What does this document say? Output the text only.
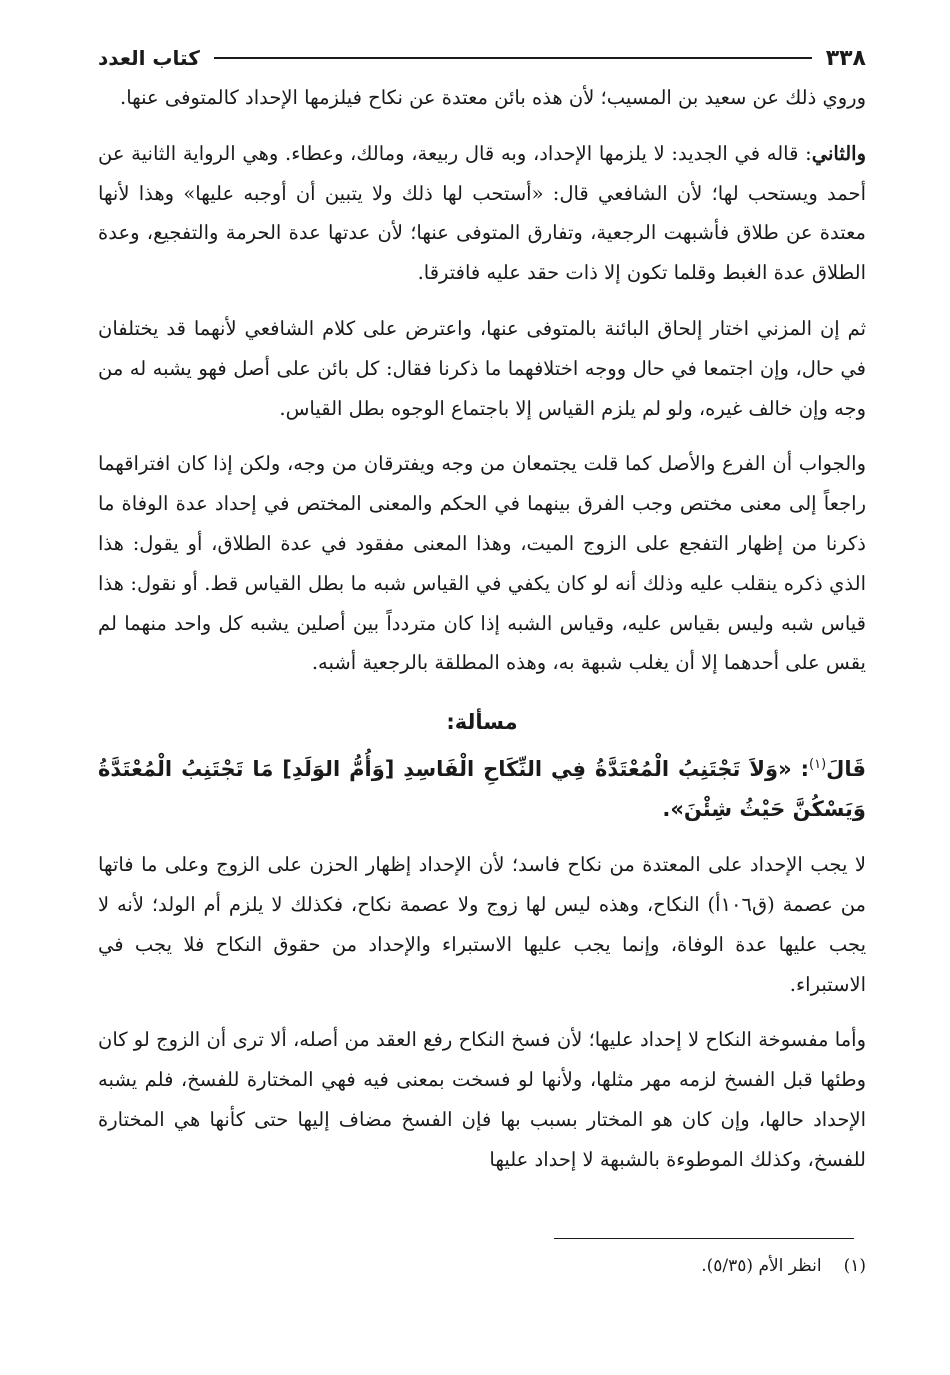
٣٣٨
كتاب العدد

وروي ذلك عن سعيد بن المسيب؛ لأن هذه بائن معتدة عن نكاح فيلزمها الإحداد كالمتوفى عنها.

والثاني: قاله في الجديد: لا يلزمها الإحداد، وبه قال ربيعة، ومالك، وعطاء. وهي الرواية الثانية عن أحمد ويستحب لها؛ لأن الشافعي قال: «أستحب لها ذلك ولا يتبين أن أوجبه عليها» وهذا لأنها معتدة عن طلاق فأشبهت الرجعية، وتفارق المتوفى عنها؛ لأن عدتها عدة الحرمة والتفجيع، وعدة الطلاق عدة الغبط وقلما تكون إلا ذات حقد عليه فافترقا.

ثم إن المزني اختار إلحاق البائنة بالمتوفى عنها، واعترض على كلام الشافعي لأنهما قد يختلفان في حال، وإن اجتمعا في حال ووجه اختلافهما ما ذكرنا فقال: كل بائن على أصل فهو يشبه له من وجه وإن خالف غيره، ولو لم يلزم القياس إلا باجتماع الوجوه بطل القياس.

والجواب أن الفرع والأصل كما قلت يجتمعان من وجه ويفترقان من وجه، ولكن إذا كان افتراقهما راجعاً إلى معنى مختص وجب الفرق بينهما في الحكم والمعنى المختص في إحداد عدة الوفاة ما ذكرنا من إظهار التفجع على الزوج الميت، وهذا المعنى مفقود في عدة الطلاق، أو يقول: هذا الذي ذكره ينقلب عليه وذلك أنه لو كان يكفي في القياس شبه ما بطل القياس قط. أو نقول: هذا قياس شبه وليس بقياس عليه، وقياس الشبه إذا كان متردداً بين أصلين يشبه كل واحد منهما لم يقس على أحدهما إلا أن يغلب شبهة به، وهذه المطلقة بالرجعية أشبه.

مسألة:

قَالَ$^{(١)}$: «وَلاَ تَجْتَنِبُ الْمُعْتَدَّةُ فِي النِّكَاحِ الْفَاسِدِ [وَأُمُّ الوَلَدِ] مَا تَجْتَنِبُ الْمُعْتَدَّةُ وَيَسْكُنَّ حَيْثُ شِئْنَ».

لا يجب الإحداد على المعتدة من نكاح فاسد؛ لأن الإحداد إظهار الحزن على الزوج وعلى ما فاتها من عصمة (ق١٠٦أ) النكاح، وهذه ليس لها زوج ولا عصمة نكاح، فكذلك لا يلزم أم الولد؛ لأنه لا يجب عليها عدة الوفاة، وإنما يجب عليها الاستبراء والإحداد من حقوق النكاح فلا يجب في الاستبراء.

وأما مفسوخة النكاح لا إحداد عليها؛ لأن فسخ النكاح رفع العقد من أصله، ألا ترى أن الزوج لو كان وطئها قبل الفسخ لزمه مهر مثلها، ولأنها لو فسخت بمعنى فيه فهي المختارة للفسخ، فلم يشبه الإحداد حالها، وإن كان هو المختار بسبب بها فإن الفسخ مضاف إليها حتى كأنها هي المختارة للفسخ، وكذلك الموطوءة بالشبهة لا إحداد عليها

(١)انظر الأم (٥/٣٥).
